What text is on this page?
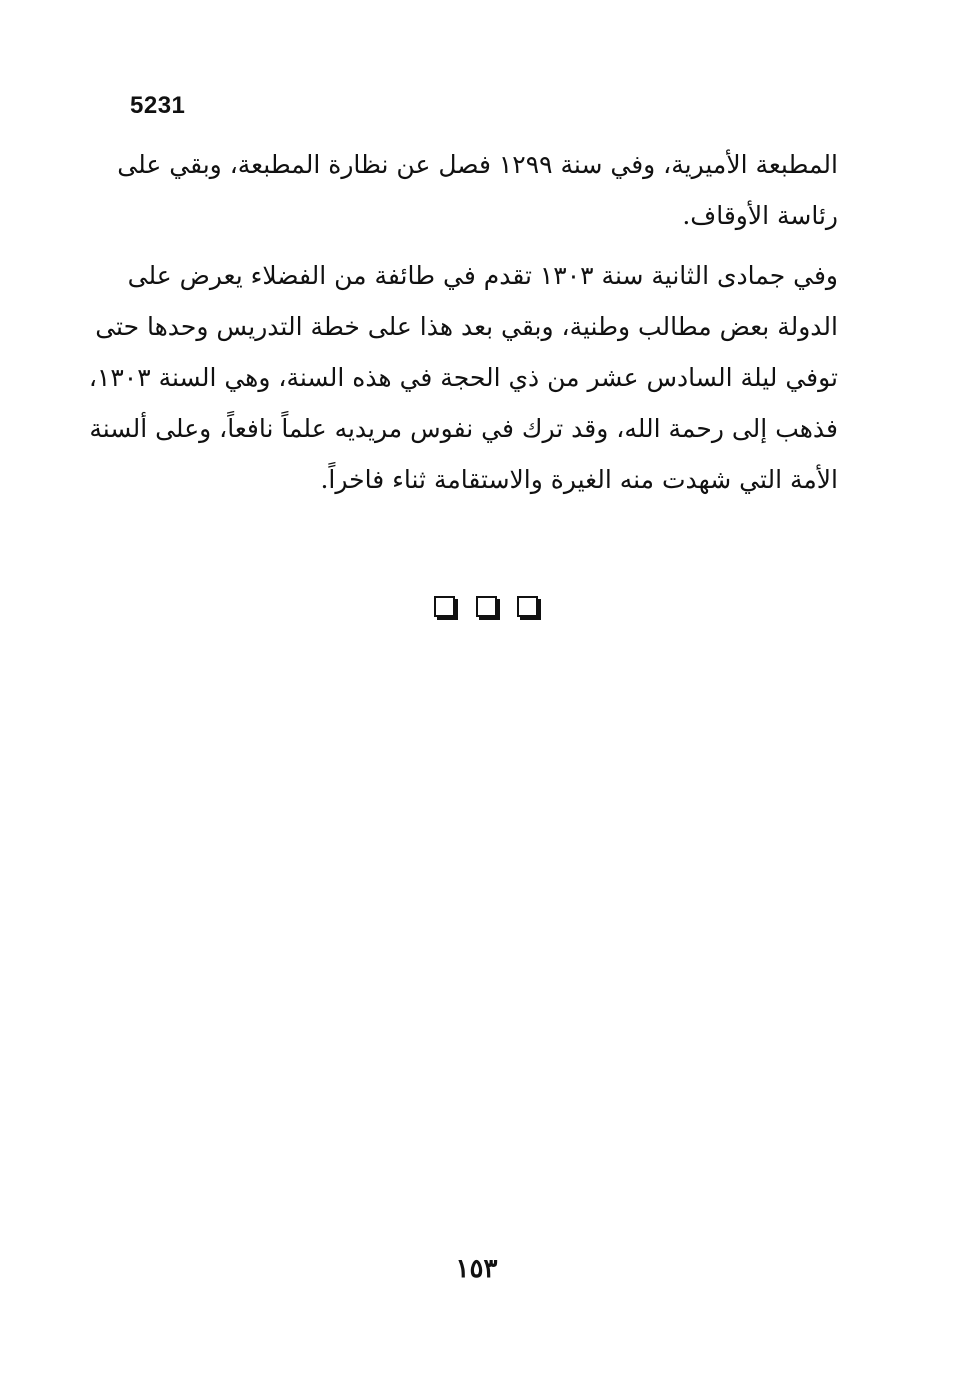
5231
المطبعة الأميرية، وفي سنة ١٢٩٩ فصل عن نظارة المطبعة، وبقي على
رئاسة الأوقاف.
وفي جمادى الثانية سنة ١٣٠٣ تقدم في طائفة من الفضلاء يعرض على
الدولة بعض مطالب وطنية، وبقي بعد هذا على خطة التدريس وحدها حتى
توفي ليلة السادس عشر من ذي الحجة في هذه السنة، وهي السنة ١٣٠٣،
فذهب إلى رحمة الله، وقد ترك في نفوس مريديه علماً نافعاً، وعلى ألسنة
الأمة التي شهدت منه الغيرة والاستقامة ثناء فاخراً.
١٥٣
